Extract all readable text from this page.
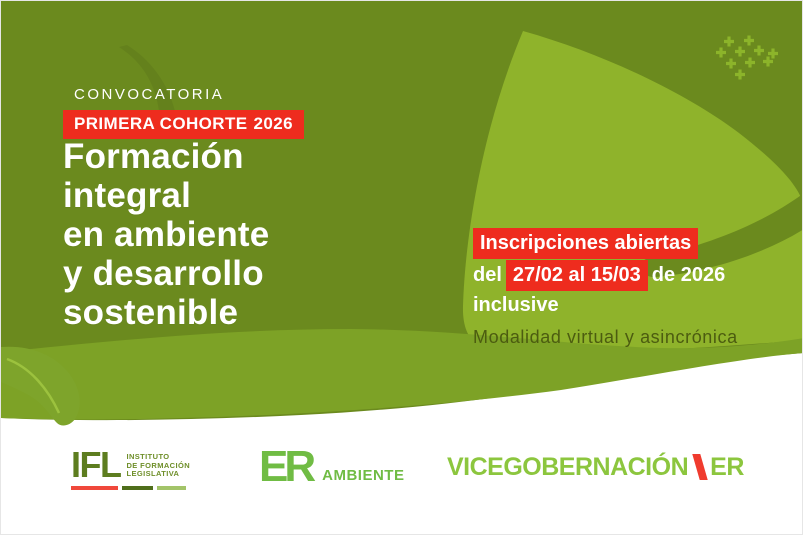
CONVOCATORIA
PRIMERA COHORTE 2026
Formación
integral
en ambiente
y desarrollo
sostenible
Inscripciones abiertas
del 27/02 al 15/03 de 2026
inclusive
Modalidad virtual y asincrónica
IFL INSTITUTO
DE FORMACIÓN
LEGISLATIVA ER AMBIENTE VICEGOBERNACIÓN ER
